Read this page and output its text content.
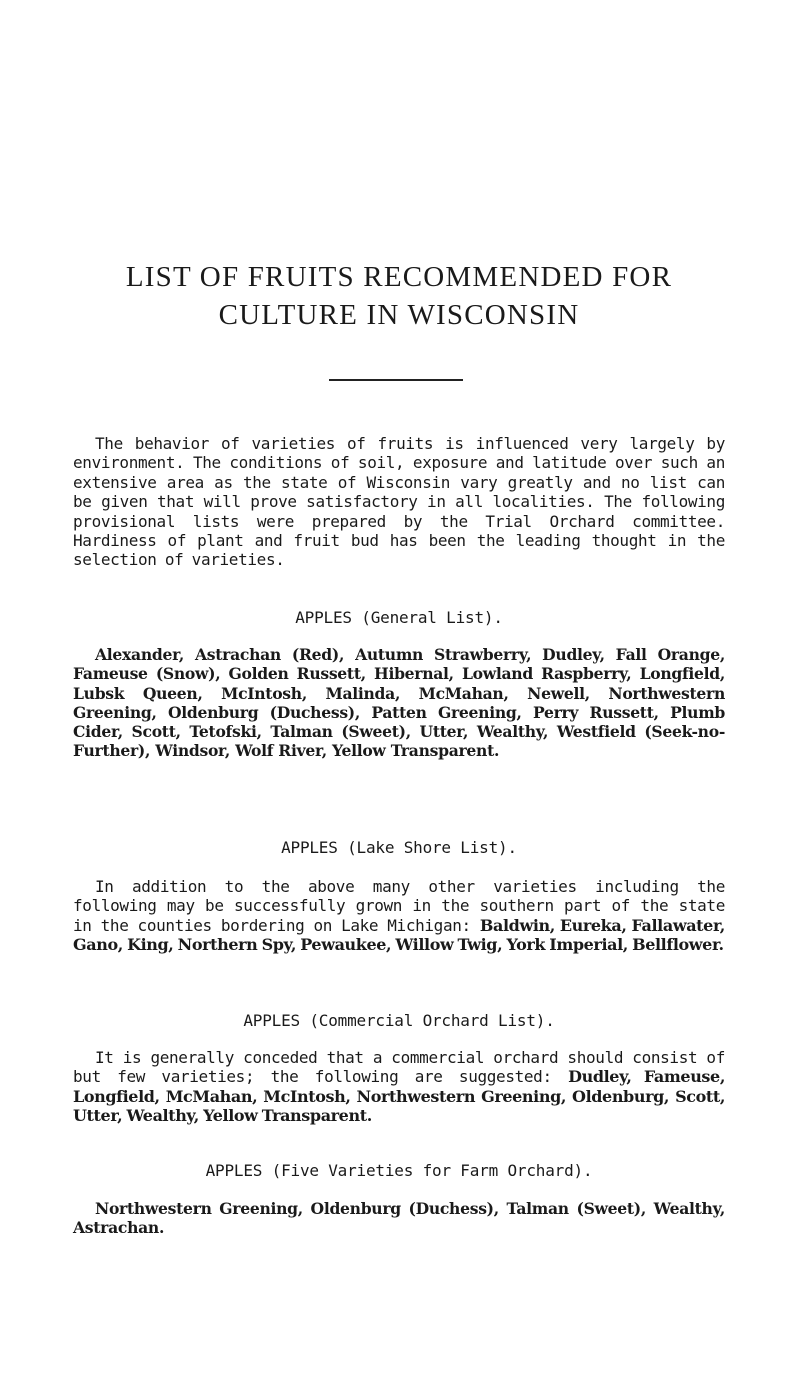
LIST OF FRUITS RECOMMENDED FOR
CULTURE IN WISCONSIN

The behavior of varieties of fruits is influenced very largely by environment. The conditions of soil, exposure and latitude over such an extensive area as the state of Wisconsin vary greatly and no list can be given that will prove satisfactory in all localities. The following provisional lists were prepared by the Trial Orchard committee. Hardiness of plant and fruit bud has been the leading thought in the selection of varieties.

APPLES (General List).

Alexander, Astrachan (Red), Autumn Strawberry, Dudley, Fall Orange, Fameuse (Snow), Golden Russett, Hibernal, Lowland Raspberry, Longfield, Lubsk Queen, McIntosh, Malinda, McMahan, Newell, Northwestern Greening, Oldenburg (Duchess), Patten Greening, Perry Russett, Plumb Cider, Scott, Tetofski, Talman (Sweet), Utter, Wealthy, Westfield (Seek-no-Further), Windsor, Wolf River, Yellow Transparent.

APPLES (Lake Shore List).

In addition to the above many other varieties including the following may be successfully grown in the southern part of the state in the counties bordering on Lake Michigan: Baldwin, Eureka, Fallawater, Gano, King, Northern Spy, Pewaukee, Willow Twig, York Imperial, Bellflower.

APPLES (Commercial Orchard List).

It is generally conceded that a commercial orchard should consist of but few varieties; the following are suggested: Dudley, Fameuse, Longfield, McMahan, McIntosh, Northwestern Greening, Oldenburg, Scott, Utter, Wealthy, Yellow Transparent.

APPLES (Five Varieties for Farm Orchard).

Northwestern Greening, Oldenburg (Duchess), Talman (Sweet), Wealthy, Astrachan.
